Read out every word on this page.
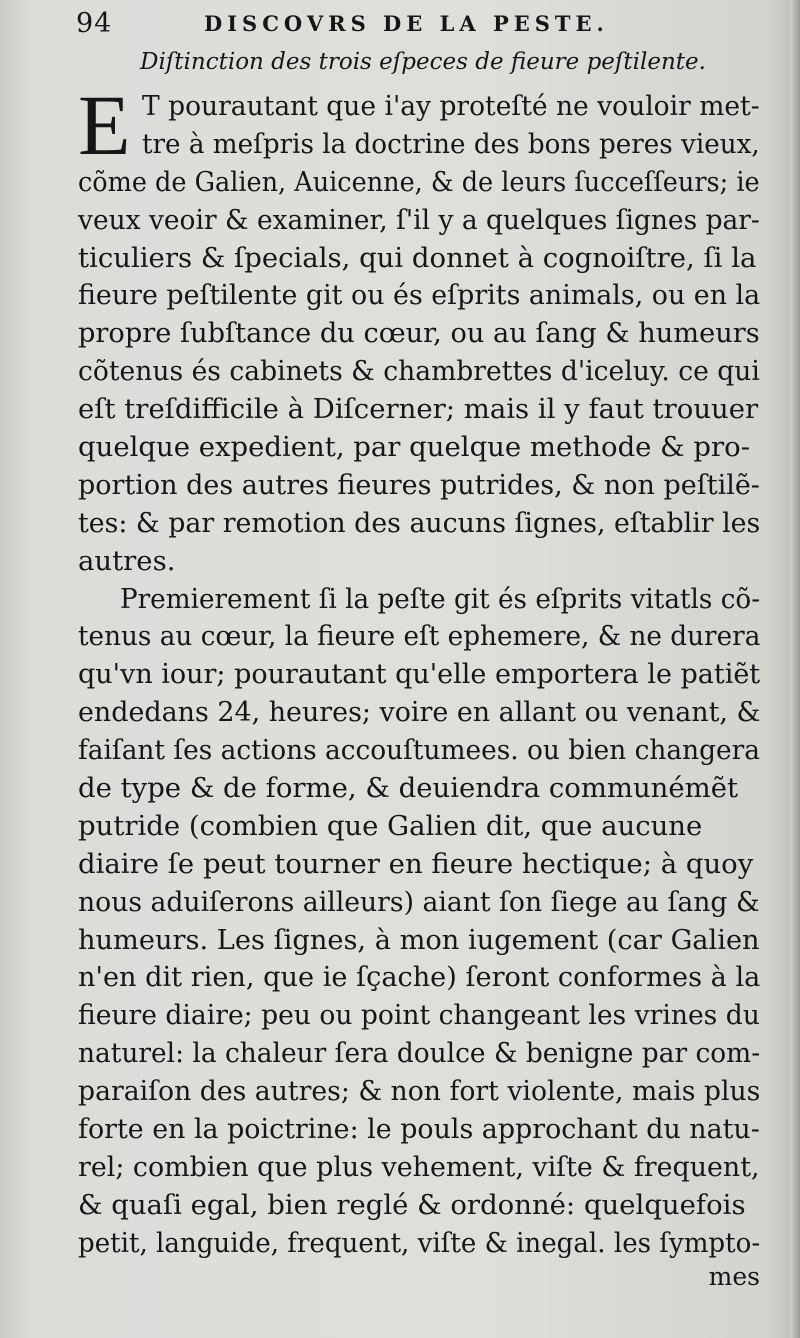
94	DISCOVRS DE LA PESTE.
Diſtinction des trois eſpeces de fieure peſtilente.
E T pourautant que i'ay proteſté ne vouloir met-
tre à meſpris la doctrine des bons peres vieux,
cõme de Galien, Auicenne, & de leurs ſucceſſeurs; ie
veux veoir & examiner, ſ'il y a quelques ſignes par-
ticuliers & ſpecials, qui donnet à cognoiſtre, ſi la
fieure peſtilente git ou és eſprits animals, ou en la
propre ſubſtance du cœur, ou au ſang & humeurs
cõtenus és cabinets & chambrettes d'iceluy. ce qui
eſt treſdifficile à Diſcerner; mais il y faut trouuer
quelque expedient, par quelque methode & pro-
portion des autres fieures putrides, & non peſtilẽ-
tes: & par remotion des aucuns ſignes, eſtablir les
autres.
Premierement ſi la peſte git és eſprits vitatls cõ-
tenus au cœur, la fieure eſt ephemere, & ne durera
qu'vn iour; pourautant qu'elle emportera le patiẽt
endedans 24, heures; voire en allant ou venant, &
faiſant ſes actions accouſtumees. ou bien changera
de type & de forme, & deuiendra communémẽt
putride (combien que Galien dit, que aucune
diaire ſe peut tourner en fieure hectique; à quoy
nous aduiſerons ailleurs) aiant ſon ſiege au ſang &
humeurs. Les ſignes, à mon iugement (car Galien
n'en dit rien, que ie ſçache) ſeront conformes à la
fieure diaire; peu ou point changeant les vrines du
naturel: la chaleur ſera doulce & benigne par com-
paraiſon des autres; & non fort violente, mais plus
forte en la poictrine: le pouls approchant du natu-
rel; combien que plus vehement, viſte & frequent,
& quaſi egal, bien reglé & ordonné: quelquefois
petit, languide, frequent, viſte & inegal. les ſympto-
mes
